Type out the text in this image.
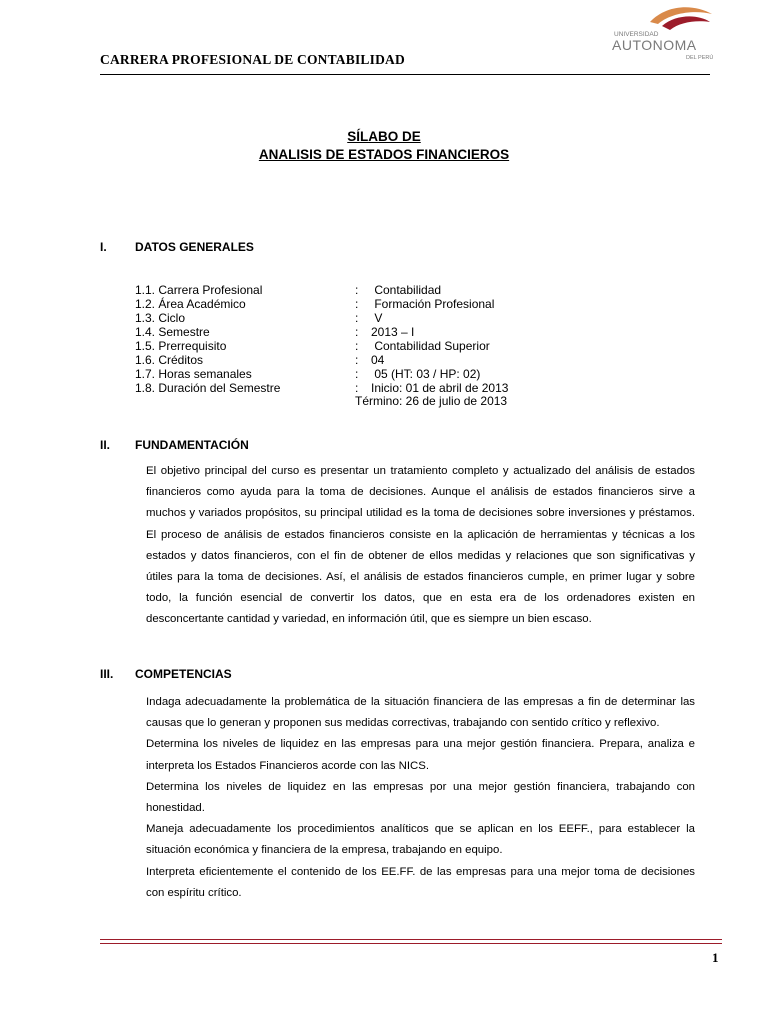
CARRERA PROFESIONAL DE CONTABILIDAD
UNIVERSIDAD
AUTONOMA
DEL PERÚ
SÍLABO DE
ANALISIS DE ESTADOS FINANCIEROS
I. DATOS GENERALES
1.1. Carrera Profesional	: Contabilidad
1.2. Área Académico	: Formación Profesional
1.3. Ciclo	: V
1.4. Semestre	: 2013 – I
1.5. Prerrequisito	: Contabilidad Superior
1.6. Créditos	: 04
1.7. Horas semanales	: 05 (HT: 03 / HP: 02)
1.8. Duración del Semestre	: Inicio: 01 de abril de 2013
Término: 26 de julio de 2013
II. FUNDAMENTACIÓN
El objetivo principal del curso es presentar un tratamiento completo y actualizado del análisis de estados financieros como ayuda para la toma de decisiones. Aunque el análisis de estados financieros sirve a muchos y variados propósitos, su principal utilidad es la toma de decisiones sobre inversiones y préstamos. El proceso de análisis de estados financieros consiste en la aplicación de herramientas y técnicas a los estados y datos financieros, con el fin de obtener de ellos medidas y relaciones que son significativas y útiles para la toma de decisiones. Así, el análisis de estados financieros cumple, en primer lugar y sobre todo, la función esencial de convertir los datos, que en esta era de los ordenadores existen en desconcertante cantidad y variedad, en información útil, que es siempre un bien escaso.
III. COMPETENCIAS
Indaga adecuadamente la problemática de la situación financiera de las empresas a fin de determinar las causas que lo generan y proponen sus medidas correctivas, trabajando con sentido crítico y reflexivo.
Determina los niveles de liquidez en las empresas para una mejor gestión financiera. Prepara, analiza e interpreta los Estados Financieros acorde con las NICS.
Determina los niveles de liquidez en las empresas por una mejor gestión financiera, trabajando con honestidad.
Maneja adecuadamente los procedimientos analíticos que se aplican en los EEFF., para establecer la situación económica y financiera de la empresa, trabajando en equipo.
Interpreta eficientemente el contenido de los EE.FF. de las empresas para una mejor toma de decisiones con espíritu crítico.
1
